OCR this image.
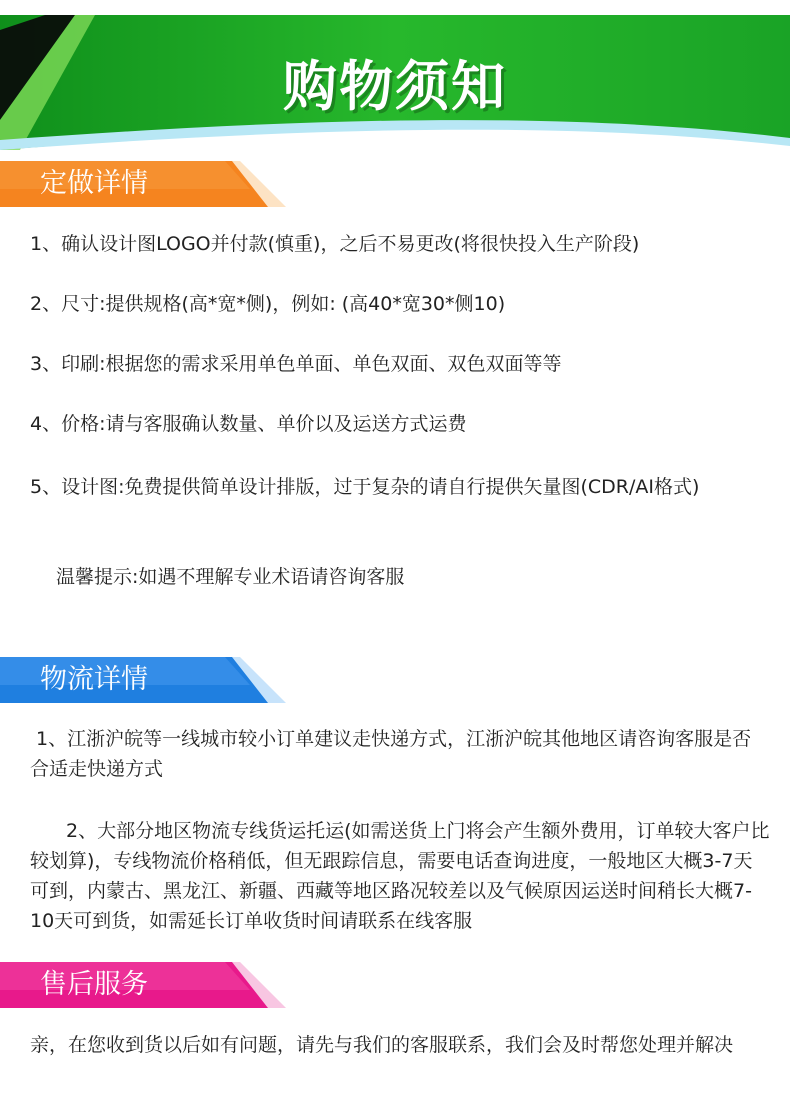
购物须知
定做详情
1、确认设计图LOGO并付款(慎重)，之后不易更改(将很快投入生产阶段)
2、尺寸:提供规格(高*宽*侧)，例如: (高40*宽30*侧10)
3、印刷:根据您的需求采用单色单面、单色双面、双色双面等等
4、价格:请与客服确认数量、单价以及运送方式运费
5、设计图:免费提供简单设计排版，过于复杂的请自行提供矢量图(CDR/AI格式)
温馨提示:如遇不理解专业术语请咨询客服
物流详情
1、江浙沪皖等一线城市较小订单建议走快递方式，江浙沪皖其他地区请咨询客服是否合适走快递方式
2、大部分地区物流专线货运托运(如需送货上门将会产生额外费用，订单较大客户比较划算)，专线物流价格稍低，但无跟踪信息，需要电话查询进度，一般地区大概3-7天可到，内蒙古、黑龙江、新疆、西藏等地区路况较差以及气候原因运送时间稍长大概7-10天可到货，如需延长订单收货时间请联系在线客服
售后服务
亲，在您收到货以后如有问题，请先与我们的客服联系，我们会及时帮您处理并解决
